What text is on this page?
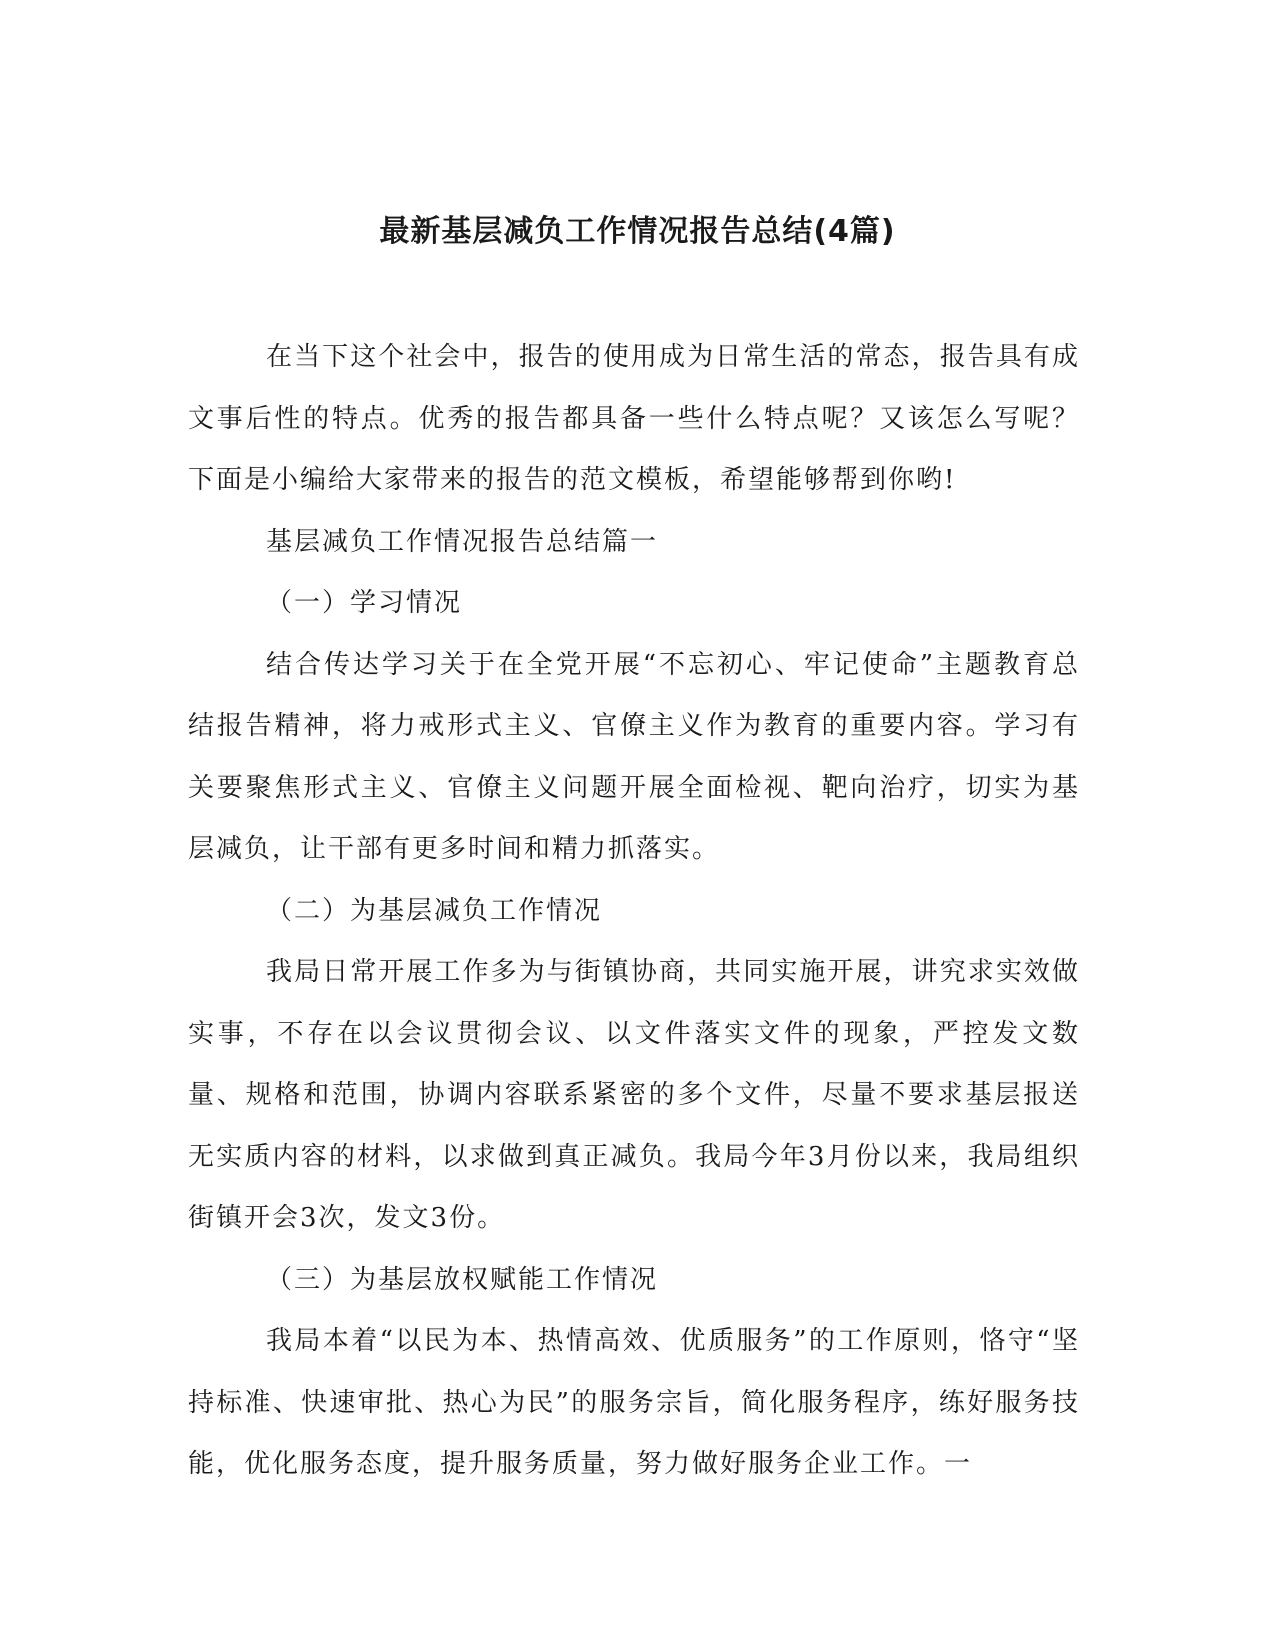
最新基层减负工作情况报告总结(4篇)

在当下这个社会中，报告的使用成为日常生活的常态，报告具有成文事后性的特点。优秀的报告都具备一些什么特点呢？又该怎么写呢？下面是小编给大家带来的报告的范文模板，希望能够帮到你哟!

基层减负工作情况报告总结篇一

（一）学习情况

结合传达学习关于在全党开展“不忘初心、牢记使命”主题教育总结报告精神，将力戒形式主义、官僚主义作为教育的重要内容。学习有关要聚焦形式主义、官僚主义问题开展全面检视、靶向治疗，切实为基层减负，让干部有更多时间和精力抓落实。

（二）为基层减负工作情况

我局日常开展工作多为与街镇协商，共同实施开展，讲究求实效做实事，不存在以会议贯彻会议、以文件落实文件的现象，严控发文数量、规格和范围，协调内容联系紧密的多个文件，尽量不要求基层报送无实质内容的材料，以求做到真正减负。我局今年3月份以来，我局组织街镇开会3次，发文3份。

（三）为基层放权赋能工作情况

我局本着“以民为本、热情高效、优质服务”的工作原则，恪守“坚持标准、快速审批、热心为民”的服务宗旨，简化服务程序，练好服务技能，优化服务态度，提升服务质量，努力做好服务企业工作。一
